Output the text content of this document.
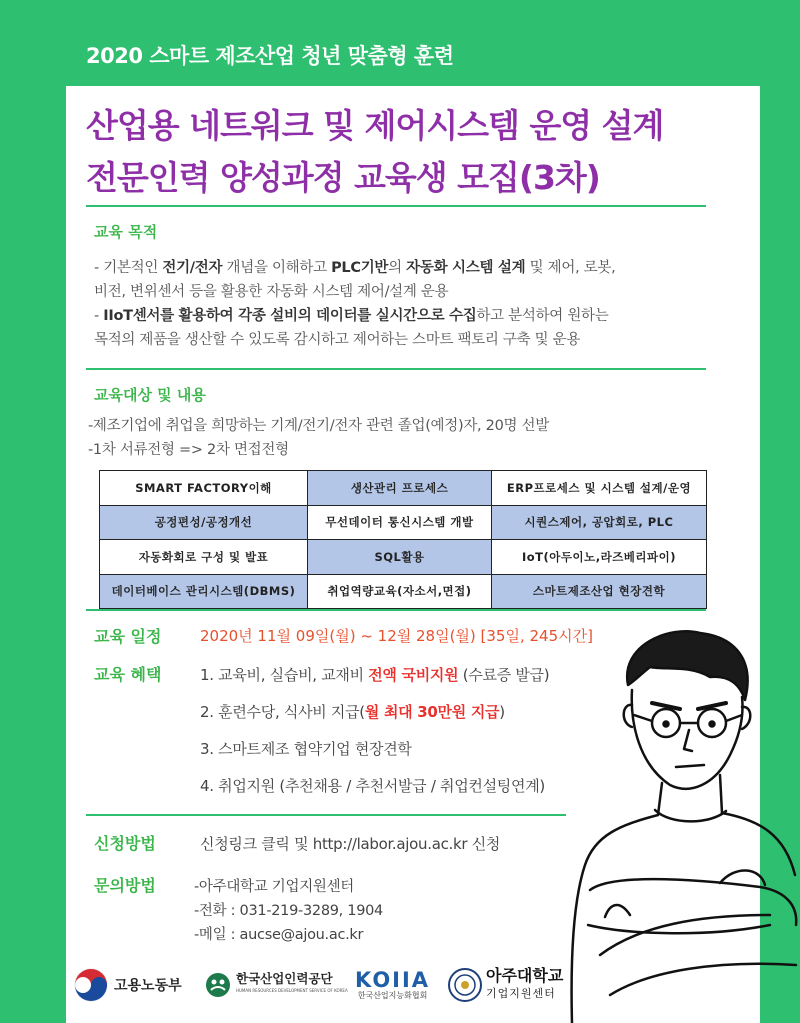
2020 스마트 제조산업 청년 맞춤형 훈련
산업용 네트워크 및 제어시스템 운영 설계
전문인력 양성과정 교육생 모집(3차)
교육 목적
- 기본적인 전기/전자 개념을 이해하고 PLC기반의 자동화 시스템 설계 및 제어, 로봇,
비전, 변위센서 등을 활용한 자동화 시스템 제어/설계 운용
- IIoT센서를 활용하여 각종 설비의 데이터를 실시간으로 수집하고 분석하여 원하는
목적의 제품을 생산할 수 있도록 감시하고 제어하는 스마트 팩토리 구축 및 운용
교육대상 및 내용
-제조기업에 취업을 희망하는 기계/전기/전자 관련 졸업(예정)자, 20명 선발
-1차 서류전형 => 2차 면접전형
SMART FACTORY이해	생산관리 프로세스	ERP프로세스 및 시스템 설계/운영
공정편성/공정개선	무선데이터 통신시스템 개발	시퀀스제어, 공압회로, PLC
자동화회로 구성 및 발표	SQL활용	IoT(아두이노,라즈베리파이)
데이터베이스 관리시스템(DBMS)	취업역량교육(자소서,면접)	스마트제조산업 현장견학
교육 일정	2020년 11월 09일(월) ~ 12월 28일(월) [35일, 245시간]
교육 혜택	1. 교육비, 실습비, 교재비 전액 국비지원 (수료증 발급)
2. 훈련수당, 식사비 지급(월 최대 30만원 지급)
3. 스마트제조 협약기업 현장견학
4. 취업지원 (추천채용 / 추천서발급 / 취업컨설팅연계)
신청방법	신청링크 클릭 및 http://labor.ajou.ac.kr 신청
문의방법	-아주대학교 기업지원센터
-전화 : 031-219-3289, 1904
-메일 : aucse@ajou.ac.kr
고용노동부	한국산업인력공단
HUMAN RESOURCES DEVELOPMENT SERVICE OF KOREA KOIIA
한국산업지능화협회
아주대학교
기업지원센터
